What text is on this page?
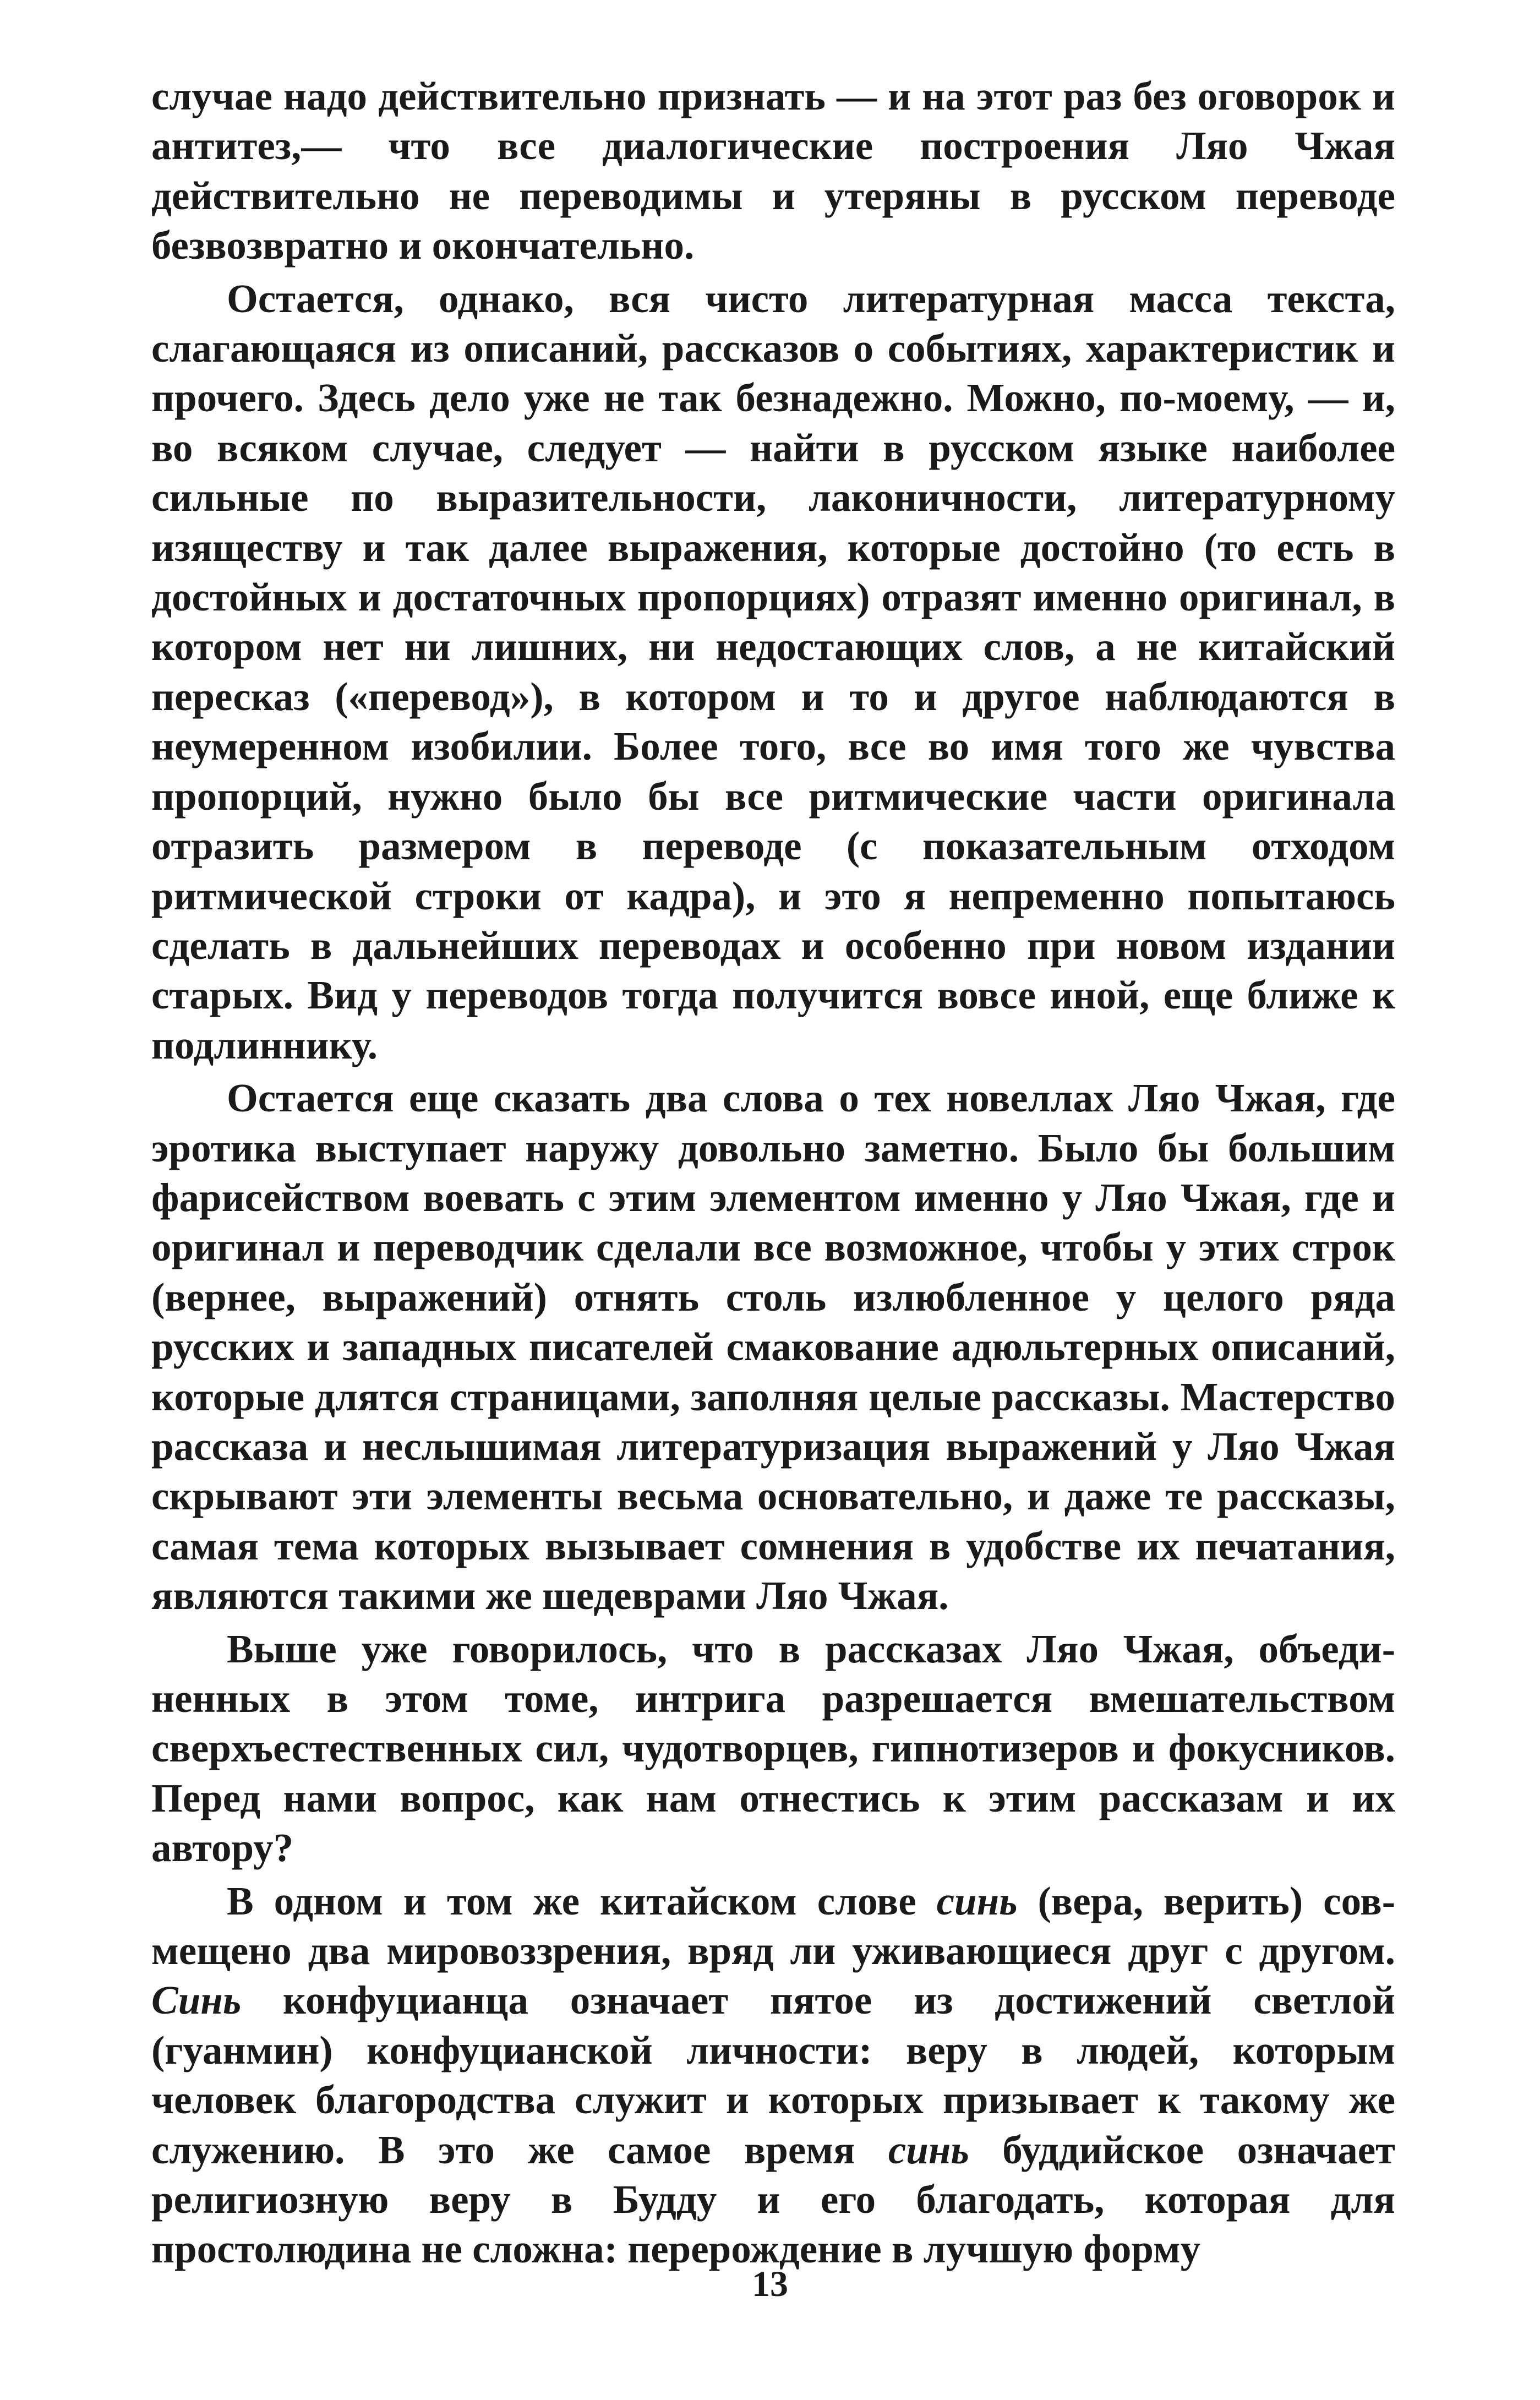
случае надо действительно признать — и на этот раз без оговорок и антитез,— что все диалогические построения Ляо Чжая действительно не переводимы и утеряны в русском переводе безвозвратно и окончательно.

Остается, однако, вся чисто литературная масса текста, слагающаяся из описаний, рассказов о событиях, характеристик и прочего. Здесь дело уже не так безнадежно. Можно, по-моему, — и, во всяком случае, следует — найти в русском языке наиболее сильные по выразительности, лаконичности, литературному изяществу и так далее выражения, которые достойно (то есть в достойных и достаточных пропорциях) отразят именно оригинал, в котором нет ни лишних, ни недостающих слов, а не китайский пересказ («перевод»), в котором и то и другое наблюдаются в неумеренном изобилии. Более того, все во имя того же чувства пропорций, нужно было бы все ритмические части оригинала отразить размером в переводе (с показательным отходом ритмической строки от кадра), и это я непременно попытаюсь сделать в дальнейших переводах и особенно при новом издании старых. Вид у переводов тогда получится вовсе иной, еще ближе к подлиннику.

Остается еще сказать два слова о тех новеллах Ляо Чжая, где эротика выступает наружу довольно заметно. Было бы большим фарисейством воевать с этим элементом именно у Ляо Чжая, где и оригинал и переводчик сделали все возможное, чтобы у этих строк (вернее, выражений) отнять столь излюбленное у целого ряда русских и западных писателей смакование адюльтерных описаний, которые длятся страницами, заполняя целые рассказы. Мастерство рассказа и неслышимая литературизация выражений у Ляо Чжая скрывают эти элементы весьма основательно, и даже те рассказы, самая тема которых вызывает сомнения в удобстве их печатания, являются такими же шедеврами Ляо Чжая.

Выше уже говорилось, что в рассказах Ляо Чжая, объединенных в этом томе, интрига разрешается вмешательством сверхъестественных сил, чудотворцев, гипнотизеров и фокусников. Перед нами вопрос, как нам отнестись к этим рассказам и их автору?

В одном и том же китайском слове синь (вера, верить) совмещено два мировоззрения, вряд ли уживающиеся друг с другом. Синь конфуцианца означает пятое из достижений светлой (гуанмин) конфуцианской личности: веру в людей, которым человек благородства служит и которых призывает к такому же служению. В это же самое время синь буддийское означает религиозную веру в Будду и его благодать, которая для простолюдина не сложна: перерождение в лучшую форму

13
